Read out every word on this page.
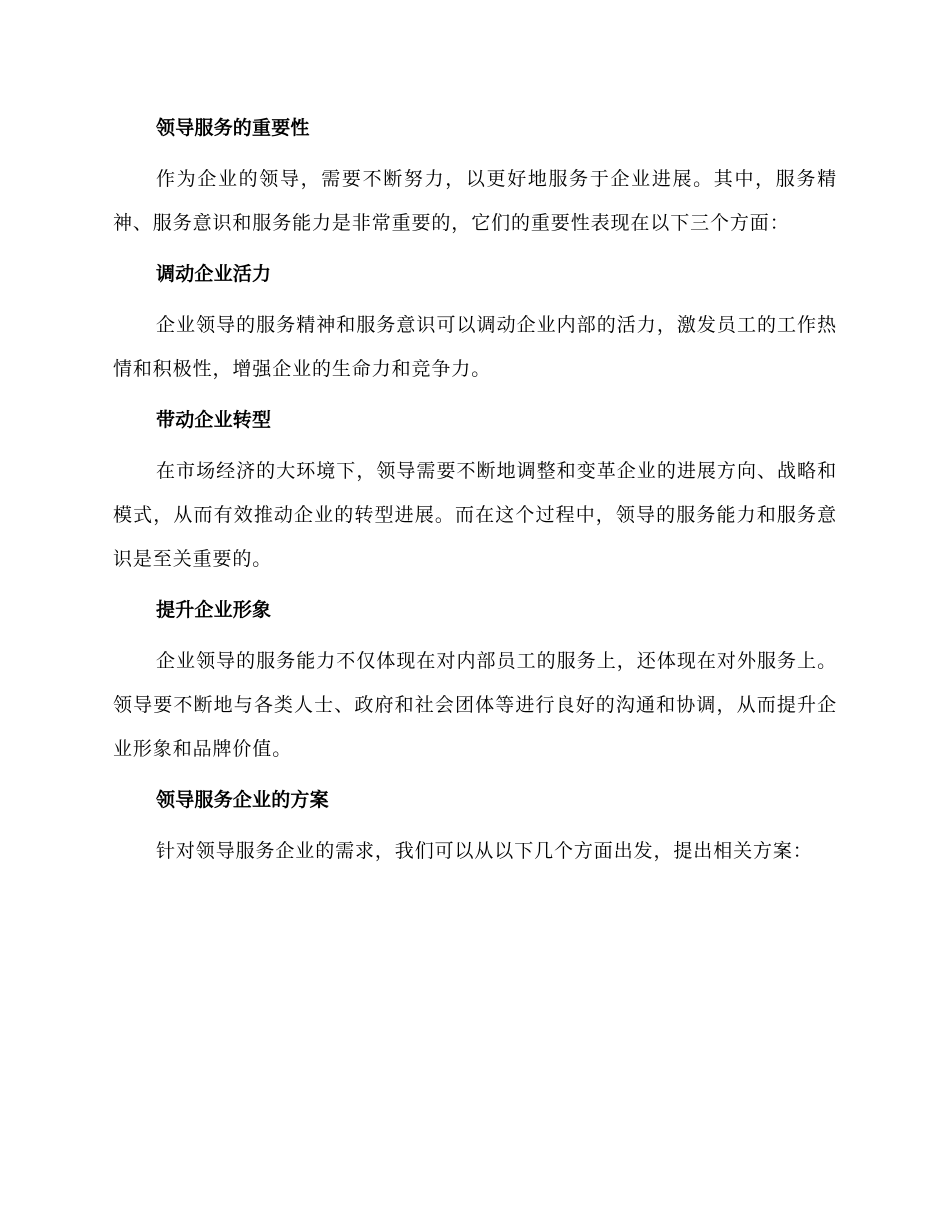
领导服务的重要性

作为企业的领导，需要不断努力，以更好地服务于企业进展。其中，服务精神、服务意识和服务能力是非常重要的，它们的重要性表现在以下三个方面：

调动企业活力

企业领导的服务精神和服务意识可以调动企业内部的活力，激发员工的工作热情和积极性，增强企业的生命力和竞争力。

带动企业转型

在市场经济的大环境下，领导需要不断地调整和变革企业的进展方向、战略和模式，从而有效推动企业的转型进展。而在这个过程中，领导的服务能力和服务意识是至关重要的。

提升企业形象

企业领导的服务能力不仅体现在对内部员工的服务上，还体现在对外服务上。领导要不断地与各类人士、政府和社会团体等进行良好的沟通和协调，从而提升企业形象和品牌价值。

领导服务企业的方案

针对领导服务企业的需求，我们可以从以下几个方面出发，提出相关方案：
